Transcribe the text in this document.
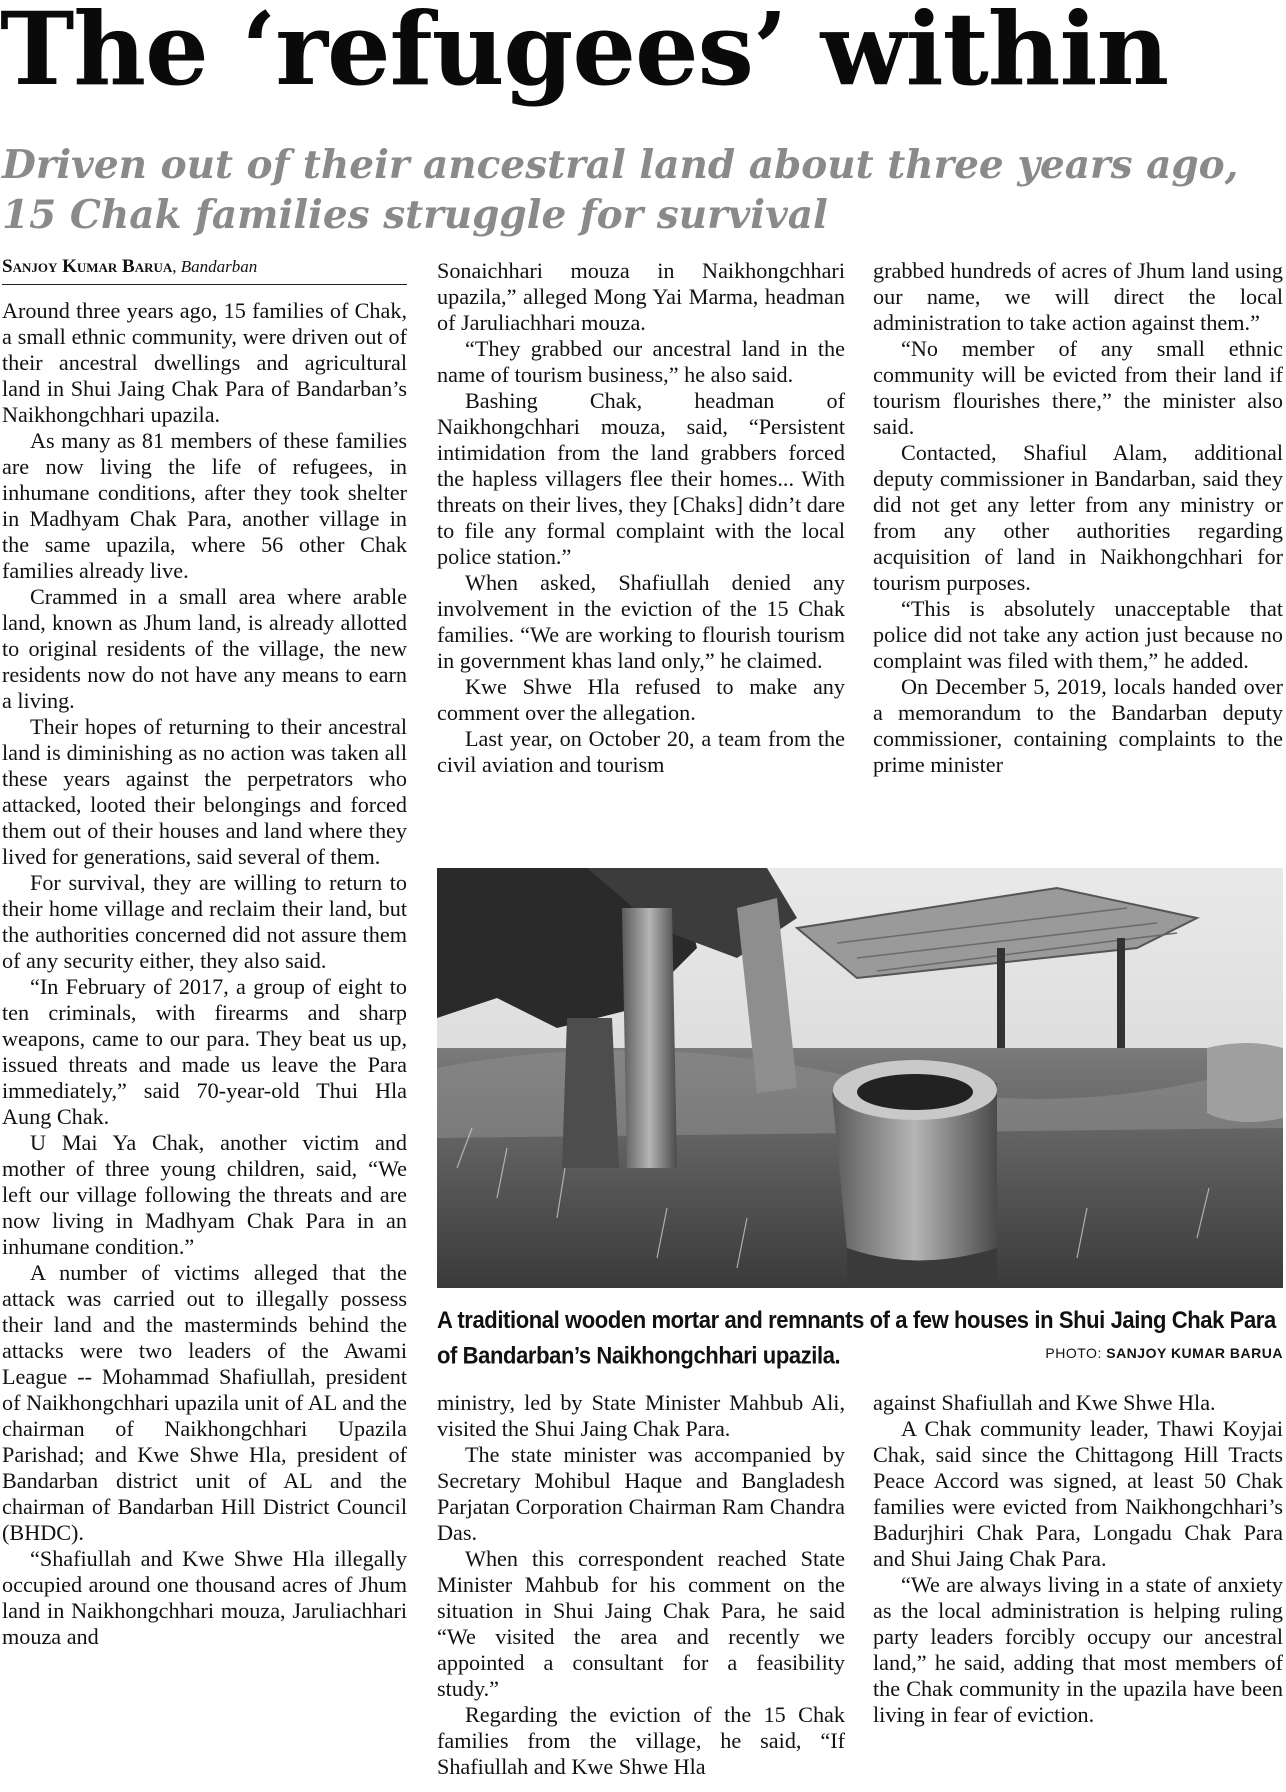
The ‘refugees’ within
Driven out of their ancestral land about three years ago, 15 Chak families struggle for survival
Sanjoy Kumar Barua, Bandarban

Around three years ago, 15 families of Chak, a small ethnic community, were driven out of their ancestral dwellings and agricultural land in Shui Jaing Chak Para of Bandarban’s Naikhongchhari upazila.

As many as 81 members of these families are now living the life of refugees, in inhumane conditions, after they took shelter in Madhyam Chak Para, another village in the same upazila, where 56 other Chak families already live.

Crammed in a small area where arable land, known as Jhum land, is already allotted to original residents of the village, the new residents now do not have any means to earn a living.

Their hopes of returning to their ancestral land is diminishing as no action was taken all these years against the perpetrators who attacked, looted their belongings and forced them out of their houses and land where they lived for generations, said several of them.

For survival, they are willing to return to their home village and reclaim their land, but the authorities concerned did not assure them of any security either, they also said.

“In February of 2017, a group of eight to ten criminals, with firearms and sharp weapons, came to our para. They beat us up, issued threats and made us leave the Para immediately,” said 70-year-old Thui Hla Aung Chak.

U Mai Ya Chak, another victim and mother of three young children, said, “We left our village following the threats and are now living in Madhyam Chak Para in an inhumane condition.”

A number of victims alleged that the attack was carried out to illegally possess their land and the masterminds behind the attacks were two leaders of the Awami League -- Mohammad Shafiullah, president of Naikhongchhari upazila unit of AL and the chairman of Naikhongchhari Upazila Parishad; and Kwe Shwe Hla, president of Bandarban district unit of AL and the chairman of Bandarban Hill District Council (BHDC).

“Shafiullah and Kwe Shwe Hla illegally occupied around one thousand acres of Jhum land in Naikhongchhari mouza, Jaruliachhari mouza and

Sonaichhari mouza in Naikhongchhari upazila,” alleged Mong Yai Marma, headman of Jaruliachhari mouza.

“They grabbed our ancestral land in the name of tourism business,” he also said.

Bashing Chak, headman of Naikhongchhari mouza, said, “Persistent intimidation from the land grabbers forced the hapless villagers flee their homes... With threats on their lives, they [Chaks] didn’t dare to file any formal complaint with the local police station.”

When asked, Shafiullah denied any involvement in the eviction of the 15 Chak families. “We are working to flourish tourism in government khas land only,” he claimed.

Kwe Shwe Hla refused to make any comment over the allegation.

Last year, on October 20, a team from the civil aviation and tourism

grabbed hundreds of acres of Jhum land using our name, we will direct the local administration to take action against them.”

“No member of any small ethnic community will be evicted from their land if tourism flourishes there,” the minister also said.

Contacted, Shafiul Alam, additional deputy commissioner in Bandarban, said they did not get any letter from any ministry or from any other authorities regarding acquisition of land in Naikhongchhari for tourism purposes.

“This is absolutely unacceptable that police did not take any action just because no complaint was filed with them,” he added.

On December 5, 2019, locals handed over a memorandum to the Bandarban deputy commissioner, containing complaints to the prime minister

A traditional wooden mortar and remnants of a few houses in Shui Jaing Chak Para of Bandarban’s Naikhongchhari upazila.	PHOTO: SANJOY KUMAR BARUA

ministry, led by State Minister Mahbub Ali, visited the Shui Jaing Chak Para.

The state minister was accompanied by Secretary Mohibul Haque and Bangladesh Parjatan Corporation Chairman Ram Chandra Das.

When this correspondent reached State Minister Mahbub for his comment on the situation in Shui Jaing Chak Para, he said “We visited the area and recently we appointed a consultant for a feasibility study.”

Regarding the eviction of the 15 Chak families from the village, he said, “If Shafiullah and Kwe Shwe Hla

against Shafiullah and Kwe Shwe Hla.

A Chak community leader, Thawi Koyjai Chak, said since the Chittagong Hill Tracts Peace Accord was signed, at least 50 Chak families were evicted from Naikhongchhari’s Badurjhiri Chak Para, Longadu Chak Para and Shui Jaing Chak Para.

“We are always living in a state of anxiety as the local administration is helping ruling party leaders forcibly occupy our ancestral land,” he said, adding that most members of the Chak community in the upazila have been living in fear of eviction.
